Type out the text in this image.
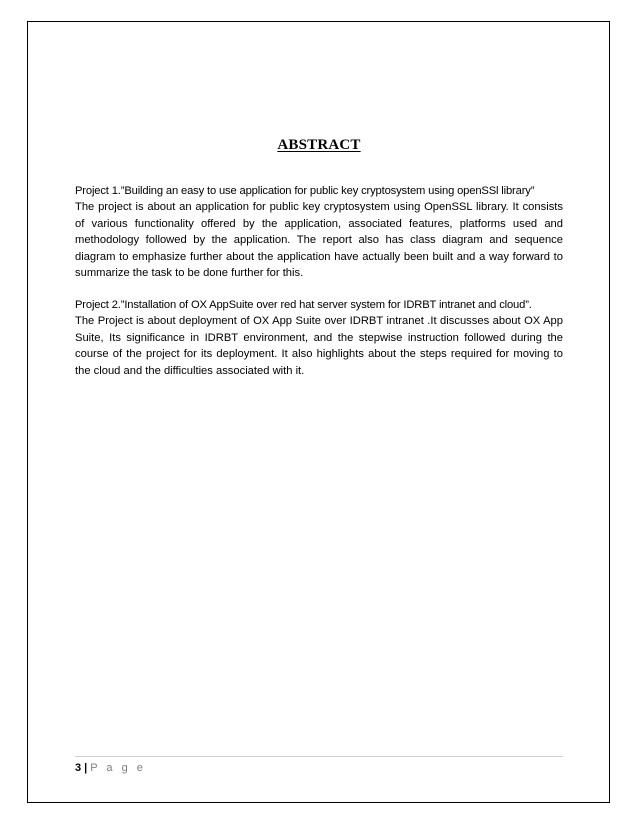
ABSTRACT
Project 1.”Building an easy to use application for public key cryptosystem using openSSl library”
The project is about an application for public key cryptosystem using OpenSSL library. It consists of various functionality offered by the application, associated features, platforms used and methodology followed by the application. The report also has class diagram and sequence diagram to emphasize further about the application have actually been built and a way forward to summarize the task to be done further for this.
Project 2.”Installation of OX AppSuite over red hat server system for IDRBT intranet and cloud”.
The Project is about deployment of OX App Suite over IDRBT intranet .It discusses about OX App Suite, Its significance in IDRBT environment, and the stepwise instruction followed during the course of the project for its deployment. It also highlights about the steps required for moving to the cloud and the difficulties associated with it.
3 | P a g e
